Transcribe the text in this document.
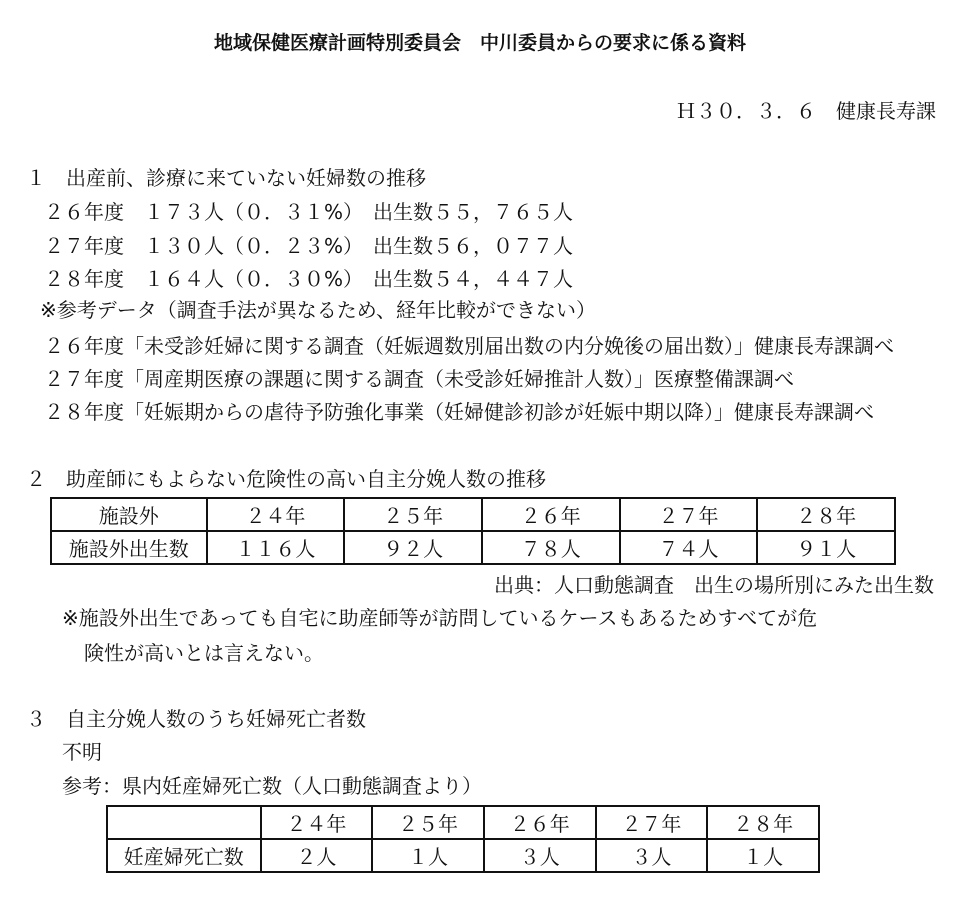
地域保健医療計画特別委員会　中川委員からの要求に係る資料
Ｈ３０．３．６　健康長寿課
１　出産前、診療に来ていない妊婦数の推移
２６年度　１７３人（０．３１%）　出生数５５，７６５人
２７年度　１３０人（０．２３%）　出生数５６，０７７人
２８年度　１６４人（０．３０%）　出生数５４，４４７人
※参考データ（調査手法が異なるため、経年比較ができない）
２６年度「未受診妊婦に関する調査（妊娠週数別届出数の内分娩後の届出数）」健康長寿課調べ
２７年度「周産期医療の課題に関する調査（未受診妊婦推計人数）」医療整備課調べ
２８年度「妊娠期からの虐待予防強化事業（妊婦健診初診が妊娠中期以降）」健康長寿課調べ
２　助産師にもよらない危険性の高い自主分娩人数の推移
施設外	２４年	２５年	２６年	２７年	２８年
施設外出生数	１１６人	９２人	７８人	７４人	９１人
出典：人口動態調査　出生の場所別にみた出生数
※施設外出生であっても自宅に助産師等が訪問しているケースもあるためすべてが危
険性が高いとは言えない。
３　自主分娩人数のうち妊婦死亡者数
不明
参考：県内妊産婦死亡数（人口動態調査より）
	２４年	２５年	２６年	２７年	２８年
妊産婦死亡数	２人	１人	３人	３人	１人
